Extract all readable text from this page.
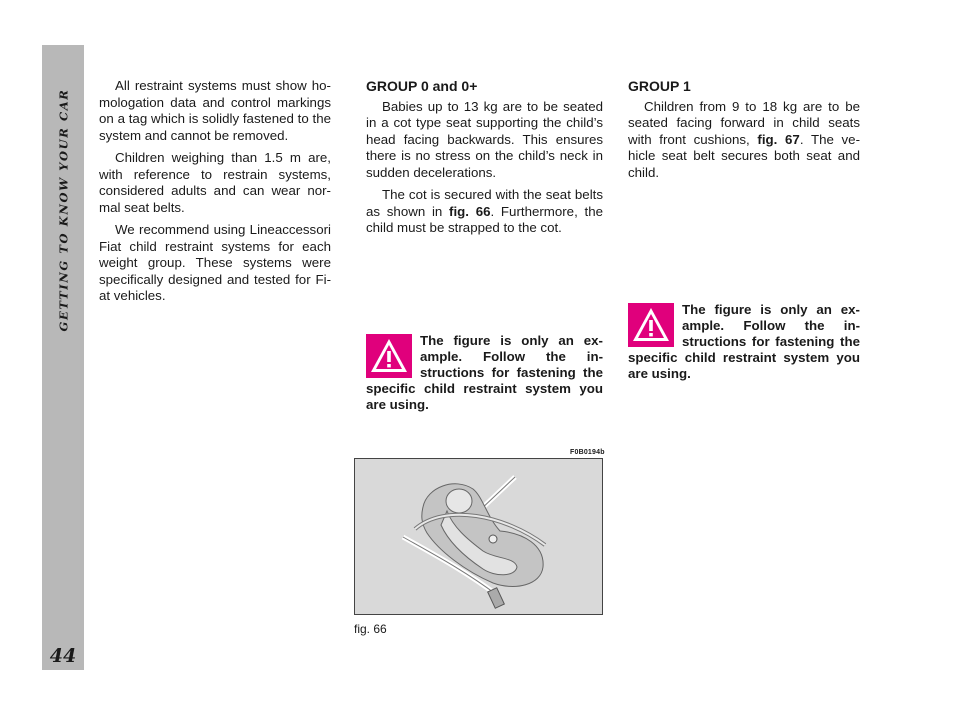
GETTING TO KNOW YOUR CAR
44

All restraint systems must show ho-mologation data and control markings on a tag which is solidly fastened to the system and cannot be removed.

Children weighing than 1.5 m are, with reference to restrain systems, considered adults and can wear nor-mal seat belts.

We recommend using Lineaccessori Fiat child restraint systems for each weight group. These systems were specifically designed and tested for Fi-at vehicles.

GROUP 0 and 0+

Babies up to 13 kg are to be seated in a cot type seat supporting the child’s head facing backwards. This ensures there is no stress on the child’s neck in sudden decelerations.

The cot is secured with the seat belts as shown in fig. 66. Furthermore, the child must be strapped to the cot.

GROUP 1

Children from 9 to 18 kg are to be seated facing forward in child seats with front cushions, fig. 67. The ve-hicle seat belt secures both seat and child.

The figure is only an ex-ample. Follow the in-structions for fastening the specific child restraint system you are using.
The figure is only an ex-ample. Follow the in-structions for fastening the specific child restraint system you are using.
F0B0194b
fig. 66
